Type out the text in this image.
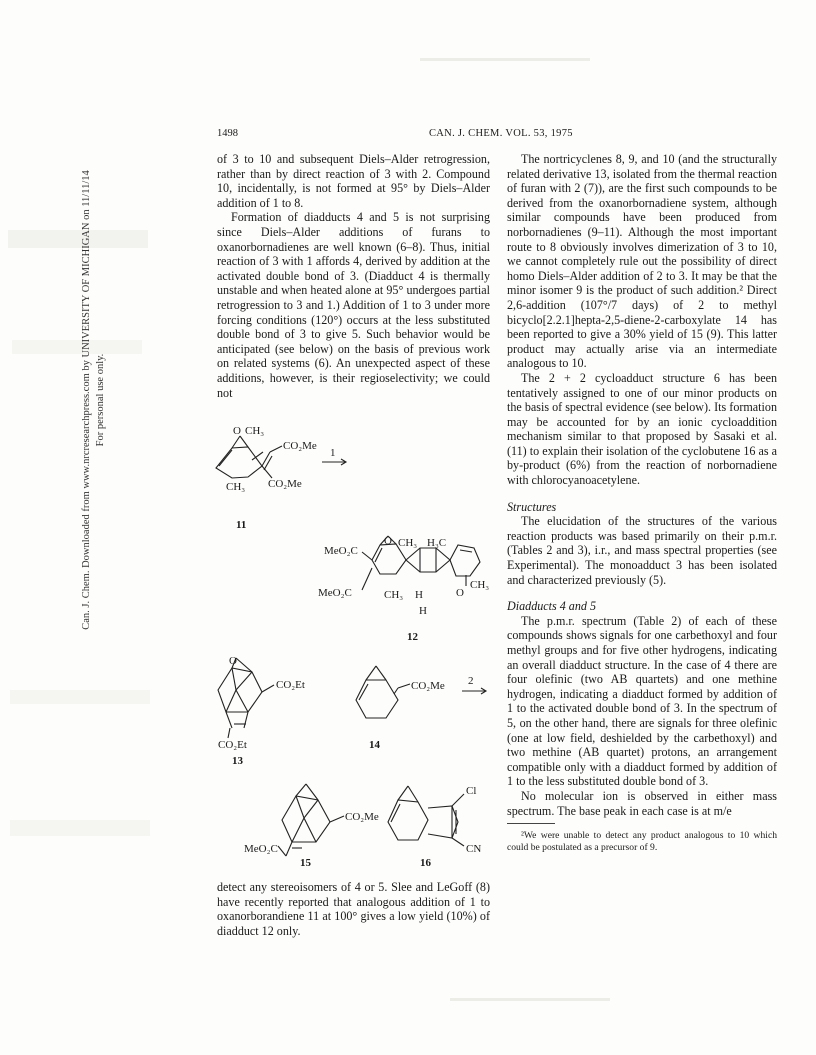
Can. J. Chem. Downloaded from www.nrcresearchpress.com by UNIVERSITY OF MICHIGAN on 11/11/14 For personal use only.
1498	CAN. J. CHEM. VOL. 53, 1975

of 3 to 10 and subsequent Diels–Alder retrogression, rather than by direct reaction of 3 with 2. Compound 10, incidentally, is not formed at 95° by Diels–Alder addition of 1 to 8.

Formation of diadducts 4 and 5 is not surprising since Diels–Alder additions of furans to oxanorbornadienes are well known (6–8). Thus, initial reaction of 3 with 1 affords 4, derived by addition at the activated double bond of 3. (Diadduct 4 is thermally unstable and when heated alone at 95° undergoes partial retrogression to 3 and 1.) Addition of 1 to 3 under more forcing conditions (120°) occurs at the less substituted double bond of 3 to give 5. Such behavior would be anticipated (see below) on the basis of previous work on related systems (6). An unexpected aspect of these additions, however, is their regioselectivity; we could not

detect any stereoisomers of 4 or 5. Slee and LeGoff (8) have recently reported that analogous addition of 1 to oxanorborandiene 11 at 100° gives a low yield (10%) of diadduct 12 only.

The nortricyclenes 8, 9, and 10 (and the structurally related derivative 13, isolated from the thermal reaction of furan with 2 (7)), are the first such compounds to be derived from the oxanorbornadiene system, although similar compounds have been produced from norbornadienes (9–11). Although the most important route to 8 obviously involves dimerization of 3 to 10, we cannot completely rule out the possibility of direct homo Diels–Alder addition of 2 to 3. It may be that the minor isomer 9 is the product of such addition.² Direct 2,6-addition (107°/7 days) of 2 to methyl bicyclo[2.2.1]hepta-2,5-diene-2-carboxylate 14 has been reported to give a 30% yield of 15 (9). This latter product may actually arise via an intermediate analogous to 10.

The 2 + 2 cycloadduct structure 6 has been tentatively assigned to one of our minor products on the basis of spectral evidence (see below). Its formation may be accounted for by an ionic cycloaddition mechanism similar to that proposed by Sasaki et al. (11) to explain their isolation of the cyclobutene 16 as a by-product (6%) from the reaction of norbornadiene with chlorocyanoacetylene.

Structures

The elucidation of the structures of the various reaction products was based primarily on their p.m.r. (Tables 2 and 3), i.r., and mass spectral properties (see Experimental). The monoadduct 3 has been isolated and characterized previously (5).

Diadducts 4 and 5

The p.m.r. spectrum (Table 2) of each of these compounds shows signals for one carbethoxyl and four methyl groups and for five other hydrogens, indicating an overall diadduct structure. In the case of 4 there are four olefinic (two AB quartets) and one methine hydrogen, indicating a diadduct formed by addition of 1 to the activated double bond of 3. In the spectrum of 5, on the other hand, there are signals for three olefinic (one at low field, deshielded by the carbethoxyl) and two methine (AB quartet) protons, an arrangement compatible only with a diadduct formed by addition of 1 to the less substituted double bond of 3.

No molecular ion is observed in either mass spectrum. The base peak in each case is at m/e

²We were unable to detect any product analogous to 10 which could be postulated as a precursor of 9.

O CH₃
CO₂Me
CH₃ CO₂Me
1
11
MeO₂C
MeO₂C
O CH₃ H₃C
CH₃ H
H
O
CH₃
12
O
CO₂Et
CO₂Et
13
CO₂Me 2
14
CO₂Me
MeO₂C
15
Cl
CN
16
